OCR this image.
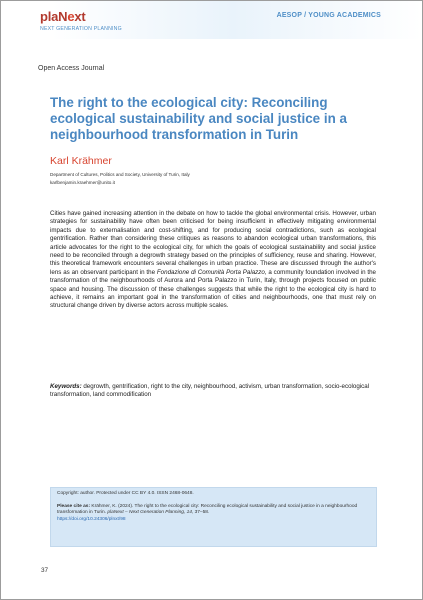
plaNext
NEXT GENERATION PLANNING
AESOP / YOUNG ACADEMICS
Open Access Journal
The right to the ecological city: Reconciling ecological sustainability and social justice in a neighbourhood transformation in Turin
Karl Krähmer
Department of Cultures, Politics and Society, University of Turin, Italy
karlbenjamin.kraehmer@unito.it

Cities have gained increasing attention in the debate on how to tackle the global environmental crisis. However, urban strategies for sustainability have often been criticised for being insufficient in effectively mitigating environmental impacts due to externalisation and cost-shifting, and for producing social contradictions, such as ecological gentrification. Rather than considering these critiques as reasons to abandon ecological urban transformations, this article advocates for the right to the ecological city, for which the goals of ecological sustainability and social justice need to be reconciled through a degrowth strategy based on the principles of sufficiency, reuse and sharing. However, this theoretical framework encounters several challenges in urban practice. These are discussed through the author's lens as an observant participant in the Fondazione di Comunità Porta Palazzo, a community foundation involved in the transformation of the neighbourhoods of Aurora and Porta Palazzo in Turin, Italy, through projects focused on public space and housing. The discussion of these challenges suggests that while the right to the ecological city is hard to achieve, it remains an important goal in the transformation of cities and neighbourhoods, one that must rely on structural change driven by diverse actors across multiple scales.

Keywords: degrowth, gentrification, right to the city, neighbourhood, activism, urban transformation, socio-ecological transformation, land commodification

Copyright: author. Protected under CC BY 4.0. ISSN 2468-0648.

Please cite as: Krähmer, K. (2024). The right to the ecological city: Reconciling ecological sustainability and social justice in a neighbourhood transformation in Turin. plaNext – Next Generation Planning, 14, 37–58.
https://doi.org/10.24306/plnxt/98

37
